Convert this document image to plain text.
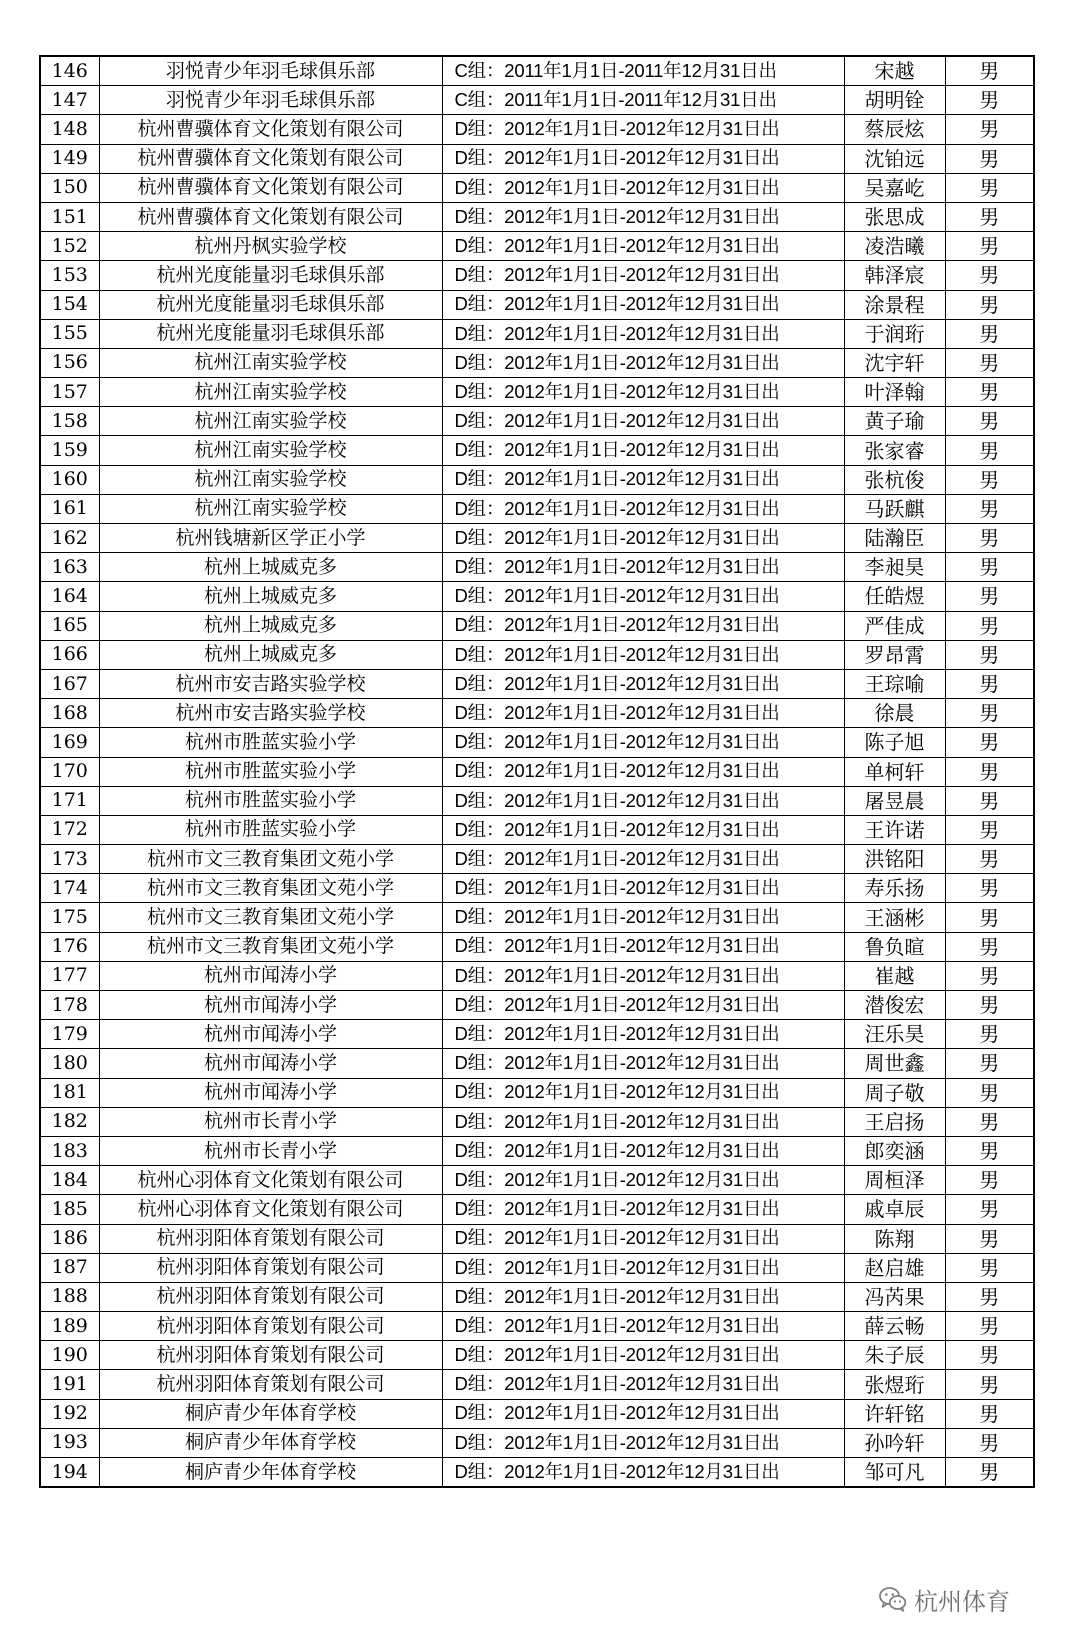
146	羽悦青少年羽毛球俱乐部	C组：2011年1月1日-2011年12月31日出	宋越	男
147	羽悦青少年羽毛球俱乐部	C组：2011年1月1日-2011年12月31日出	胡明铨	男
148	杭州曹骥体育文化策划有限公司	D组：2012年1月1日-2012年12月31日出	蔡辰炫	男
149	杭州曹骥体育文化策划有限公司	D组：2012年1月1日-2012年12月31日出	沈铂远	男
150	杭州曹骥体育文化策划有限公司	D组：2012年1月1日-2012年12月31日出	吴嘉屹	男
151	杭州曹骥体育文化策划有限公司	D组：2012年1月1日-2012年12月31日出	张思成	男
152	杭州丹枫实验学校	D组：2012年1月1日-2012年12月31日出	凌浩曦	男
153	杭州光度能量羽毛球俱乐部	D组：2012年1月1日-2012年12月31日出	韩泽宸	男
154	杭州光度能量羽毛球俱乐部	D组：2012年1月1日-2012年12月31日出	涂景程	男
155	杭州光度能量羽毛球俱乐部	D组：2012年1月1日-2012年12月31日出	于润珩	男
156	杭州江南实验学校	D组：2012年1月1日-2012年12月31日出	沈宇轩	男
157	杭州江南实验学校	D组：2012年1月1日-2012年12月31日出	叶泽翰	男
158	杭州江南实验学校	D组：2012年1月1日-2012年12月31日出	黄子瑜	男
159	杭州江南实验学校	D组：2012年1月1日-2012年12月31日出	张家睿	男
160	杭州江南实验学校	D组：2012年1月1日-2012年12月31日出	张杭俊	男
161	杭州江南实验学校	D组：2012年1月1日-2012年12月31日出	马跃麒	男
162	杭州钱塘新区学正小学	D组：2012年1月1日-2012年12月31日出	陆瀚臣	男
163	杭州上城威克多	D组：2012年1月1日-2012年12月31日出	李昶昊	男
164	杭州上城威克多	D组：2012年1月1日-2012年12月31日出	任皓煜	男
165	杭州上城威克多	D组：2012年1月1日-2012年12月31日出	严佳成	男
166	杭州上城威克多	D组：2012年1月1日-2012年12月31日出	罗昂霄	男
167	杭州市安吉路实验学校	D组：2012年1月1日-2012年12月31日出	王琮喻	男
168	杭州市安吉路实验学校	D组：2012年1月1日-2012年12月31日出	徐晨	男
169	杭州市胜蓝实验小学	D组：2012年1月1日-2012年12月31日出	陈子旭	男
170	杭州市胜蓝实验小学	D组：2012年1月1日-2012年12月31日出	单柯轩	男
171	杭州市胜蓝实验小学	D组：2012年1月1日-2012年12月31日出	屠昱晨	男
172	杭州市胜蓝实验小学	D组：2012年1月1日-2012年12月31日出	王许诺	男
173	杭州市文三教育集团文苑小学	D组：2012年1月1日-2012年12月31日出	洪铭阳	男
174	杭州市文三教育集团文苑小学	D组：2012年1月1日-2012年12月31日出	寿乐扬	男
175	杭州市文三教育集团文苑小学	D组：2012年1月1日-2012年12月31日出	王涵彬	男
176	杭州市文三教育集团文苑小学	D组：2012年1月1日-2012年12月31日出	鲁负暄	男
177	杭州市闻涛小学	D组：2012年1月1日-2012年12月31日出	崔越	男
178	杭州市闻涛小学	D组：2012年1月1日-2012年12月31日出	潜俊宏	男
179	杭州市闻涛小学	D组：2012年1月1日-2012年12月31日出	汪乐昊	男
180	杭州市闻涛小学	D组：2012年1月1日-2012年12月31日出	周世鑫	男
181	杭州市闻涛小学	D组：2012年1月1日-2012年12月31日出	周子敬	男
182	杭州市长青小学	D组：2012年1月1日-2012年12月31日出	王启扬	男
183	杭州市长青小学	D组：2012年1月1日-2012年12月31日出	郎奕涵	男
184	杭州心羽体育文化策划有限公司	D组：2012年1月1日-2012年12月31日出	周桓泽	男
185	杭州心羽体育文化策划有限公司	D组：2012年1月1日-2012年12月31日出	戚卓辰	男
186	杭州羽阳体育策划有限公司	D组：2012年1月1日-2012年12月31日出	陈翔	男
187	杭州羽阳体育策划有限公司	D组：2012年1月1日-2012年12月31日出	赵启雄	男
188	杭州羽阳体育策划有限公司	D组：2012年1月1日-2012年12月31日出	冯芮果	男
189	杭州羽阳体育策划有限公司	D组：2012年1月1日-2012年12月31日出	薛云畅	男
190	杭州羽阳体育策划有限公司	D组：2012年1月1日-2012年12月31日出	朱子辰	男
191	杭州羽阳体育策划有限公司	D组：2012年1月1日-2012年12月31日出	张煜珩	男
192	桐庐青少年体育学校	D组：2012年1月1日-2012年12月31日出	许轩铭	男
193	桐庐青少年体育学校	D组：2012年1月1日-2012年12月31日出	孙吟轩	男
194	桐庐青少年体育学校	D组：2012年1月1日-2012年12月31日出	邹可凡	男
杭州体育
